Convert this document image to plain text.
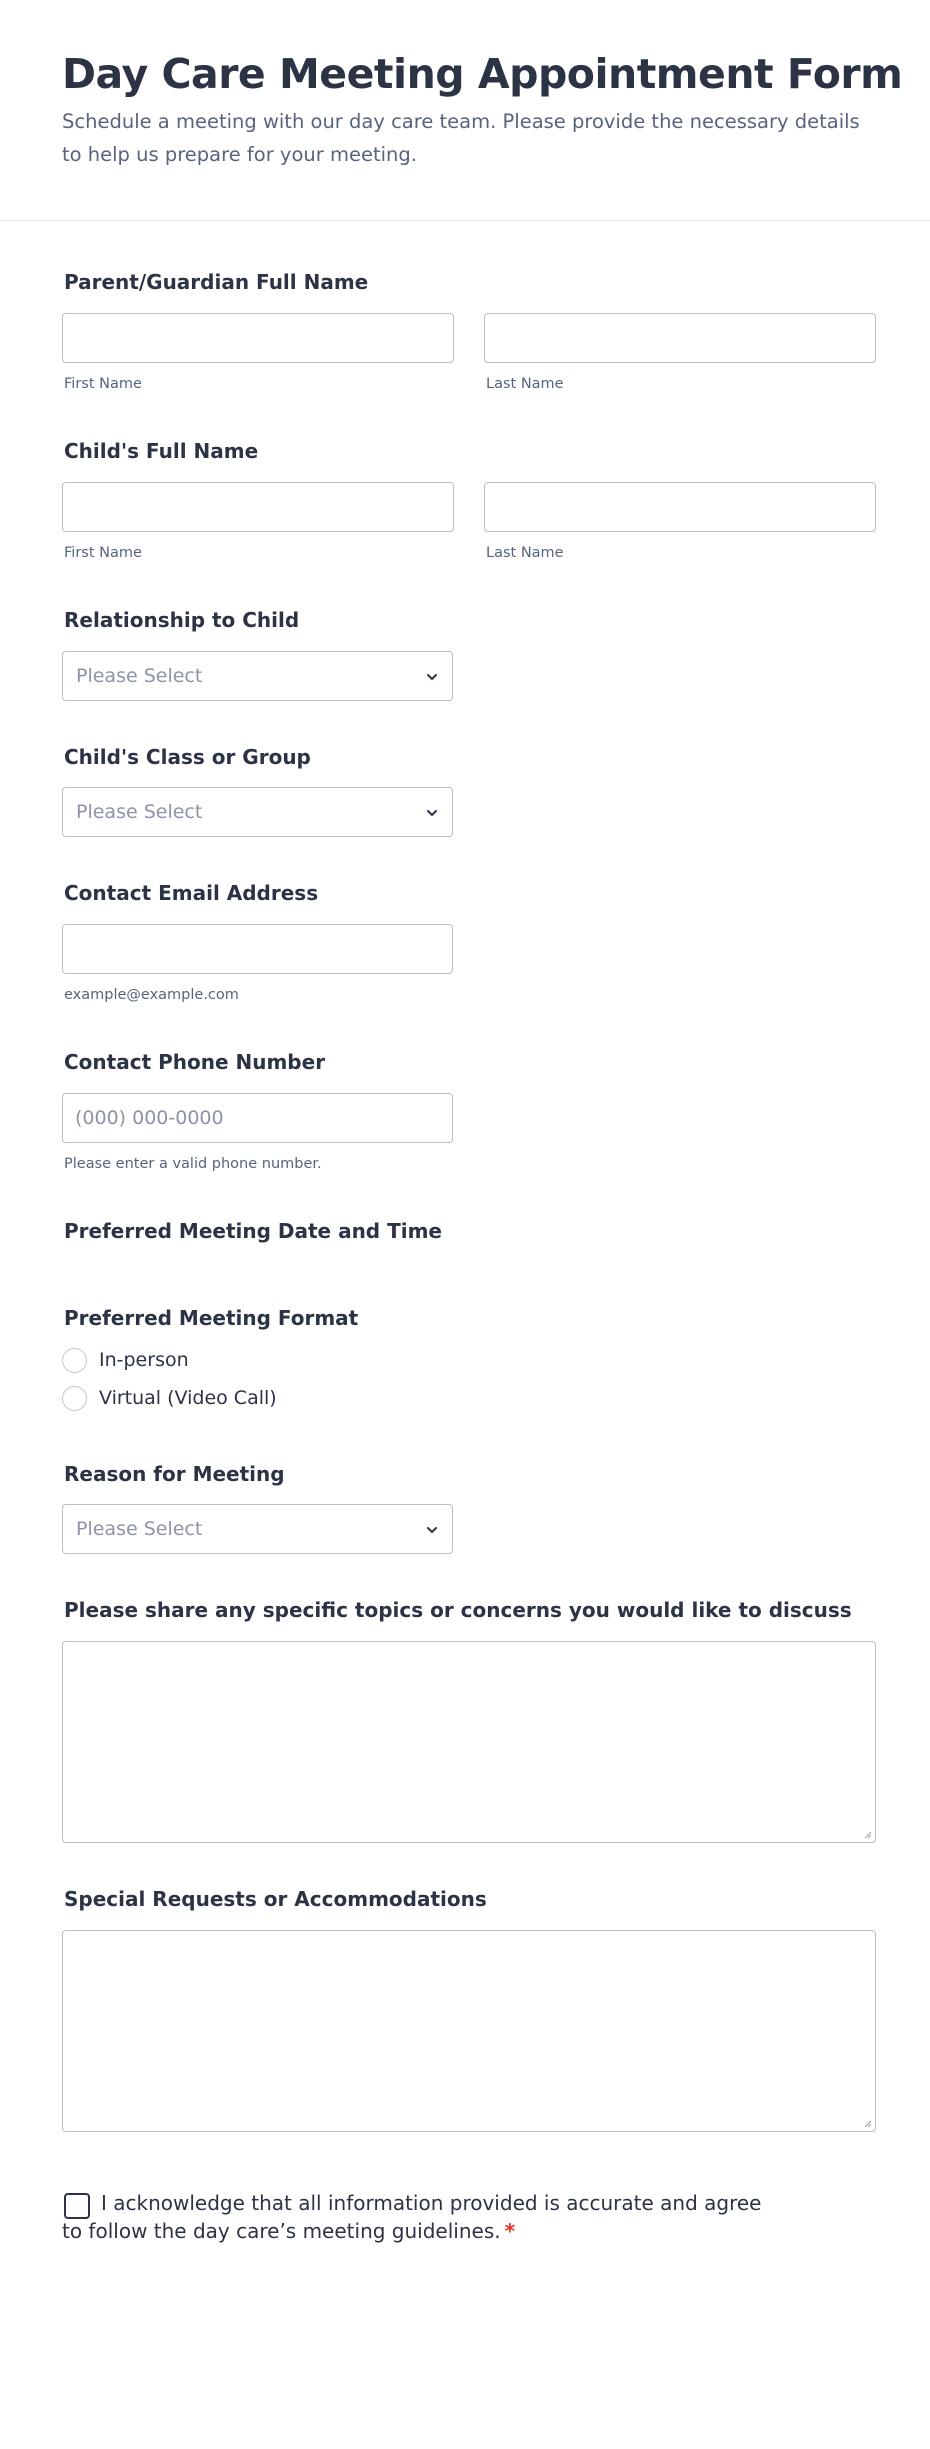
Day Care Meeting Appointment Form

Schedule a meeting with our day care team. Please provide the necessary details to help us prepare for your meeting.

Parent/Guardian Full Name
First Name	Last Name
Child's Full Name
First Name	Last Name
Relationship to Child
Please Select
Child's Class or Group
Please Select
Contact Email Address
example@example.com
Contact Phone Number
(000) 000-0000
Please enter a valid phone number.
Preferred Meeting Date and Time
Preferred Meeting Format
In-person
Virtual (Video Call)
Reason for Meeting
Please Select
Please share any specific topics or concerns you would like to discuss
Special Requests or Accommodations

I acknowledge that all information provided is accurate and agree to follow the day care’s meeting guidelines. *
